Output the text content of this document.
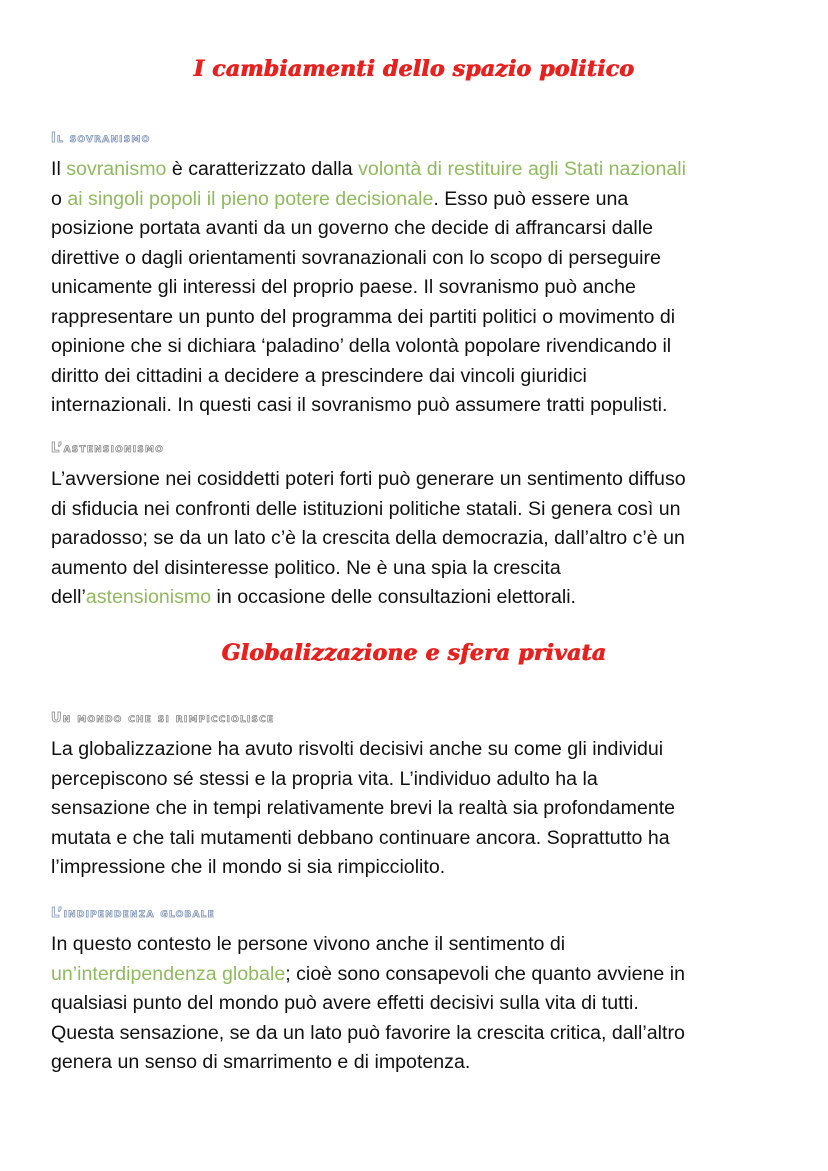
I cambiamenti dello spazio politico
Il sovranismo
Il sovranismo è caratterizzato dalla volontà di restituire agli Stati nazionali
o ai singoli popoli il pieno potere decisionale. Esso può essere una
posizione portata avanti da un governo che decide di affrancarsi dalle
direttive o dagli orientamenti sovranazionali con lo scopo di perseguire
unicamente gli interessi del proprio paese. Il sovranismo può anche
rappresentare un punto del programma dei partiti politici o movimento di
opinione che si dichiara ‘paladino’ della volontà popolare rivendicando il
diritto dei cittadini a decidere a prescindere dai vincoli giuridici
internazionali. In questi casi il sovranismo può assumere tratti populisti.
L’astensionismo
L’avversione nei cosiddetti poteri forti può generare un sentimento diffuso
di sfiducia nei confronti delle istituzioni politiche statali. Si genera così un
paradosso; se da un lato c’è la crescita della democrazia, dall’altro c’è un
aumento del disinteresse politico. Ne è una spia la crescita
dell’astensionismo in occasione delle consultazioni elettorali.
Globalizzazione e sfera privata
Un mondo che si rimpicciolisce
La globalizzazione ha avuto risvolti decisivi anche su come gli individui
percepiscono sé stessi e la propria vita. L’individuo adulto ha la
sensazione che in tempi relativamente brevi la realtà sia profondamente
mutata e che tali mutamenti debbano continuare ancora. Soprattutto ha
l’impressione che il mondo si sia rimpicciolito.
L’indipendenza globale
In questo contesto le persone vivono anche il sentimento di
un’interdipendenza globale; cioè sono consapevoli che quanto avviene in
qualsiasi punto del mondo può avere effetti decisivi sulla vita di tutti.
Questa sensazione, se da un lato può favorire la crescita critica, dall’altro
genera un senso di smarrimento e di impotenza.
